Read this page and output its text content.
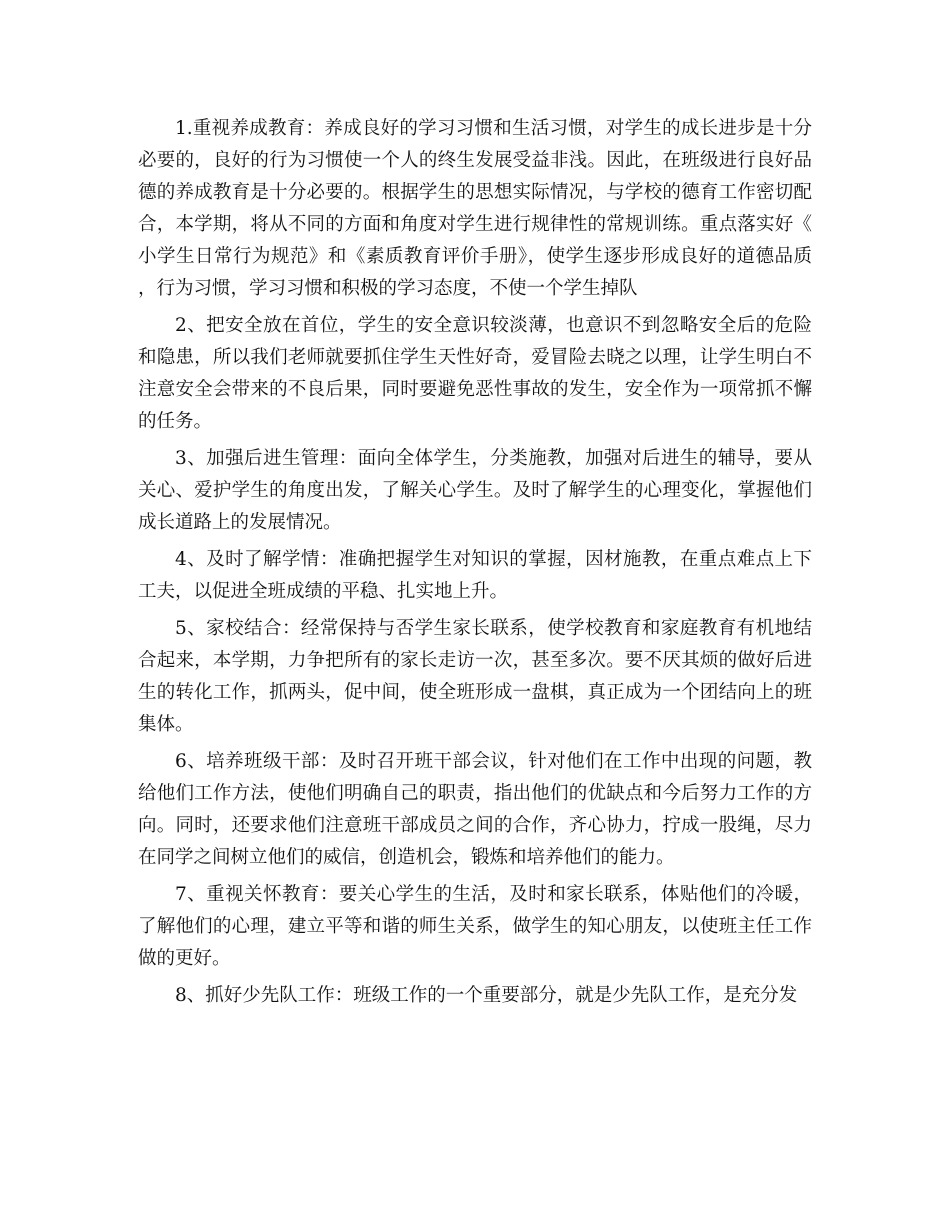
1.重视养成教育：养成良好的学习习惯和生活习惯，对学生的成长进步是十分必要的，良好的行为习惯使一个人的终生发展受益非浅。因此，在班级进行良好品德的养成教育是十分必要的。根据学生的思想实际情况，与学校的德育工作密切配合，本学期，将从不同的方面和角度对学生进行规律性的常规训练。重点落实好《小学生日常行为规范》和《素质教育评价手册》，使学生逐步形成良好的道德品质，行为习惯，学习习惯和积极的学习态度，不使一个学生掉队

2、把安全放在首位，学生的安全意识较淡薄，也意识不到忽略安全后的危险和隐患，所以我们老师就要抓住学生天性好奇，爱冒险去晓之以理，让学生明白不注意安全会带来的不良后果，同时要避免恶性事故的发生，安全作为一项常抓不懈的任务。

3、加强后进生管理：面向全体学生，分类施教，加强对后进生的辅导，要从关心、爱护学生的角度出发，了解关心学生。及时了解学生的心理变化，掌握他们成长道路上的发展情况。

4、及时了解学情：准确把握学生对知识的掌握，因材施教，在重点难点上下工夫，以促进全班成绩的平稳、扎实地上升。

5、家校结合：经常保持与否学生家长联系，使学校教育和家庭教育有机地结合起来，本学期，力争把所有的家长走访一次，甚至多次。要不厌其烦的做好后进生的转化工作，抓两头，促中间，使全班形成一盘棋，真正成为一个团结向上的班集体。

6、培养班级干部：及时召开班干部会议，针对他们在工作中出现的问题，教给他们工作方法，使他们明确自己的职责，指出他们的优缺点和今后努力工作的方向。同时，还要求他们注意班干部成员之间的合作，齐心协力，拧成一股绳，尽力在同学之间树立他们的威信，创造机会，锻炼和培养他们的能力。

7、重视关怀教育：要关心学生的生活，及时和家长联系，体贴他们的冷暖，了解他们的心理，建立平等和谐的师生关系，做学生的知心朋友，以使班主任工作做的更好。

8、抓好少先队工作：班级工作的一个重要部分，就是少先队工作，是充分发
